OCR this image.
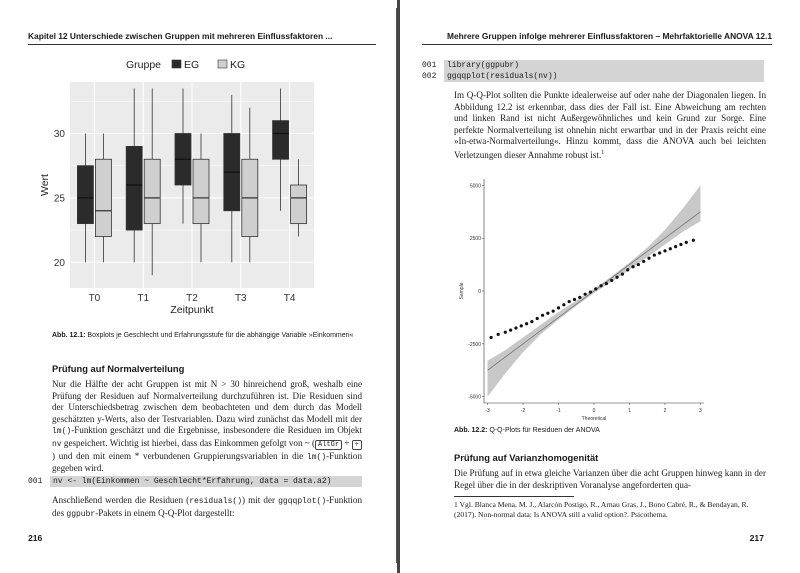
Kapitel 12 Unterschiede zwischen Gruppen mit mehreren Einflussfaktoren ...
20
25
30
T0	T1	T2	T3	T4
Zeitpunkt
Wert
Gruppe EG	KG
Abb. 12.1: Boxplots je Geschlecht und Erfahrungsstufe für die abhängige Variable »Einkommen«
Prüfung auf Normalverteilung
Nur die Hälfte der acht Gruppen ist mit N > 30 hinreichend groß, weshalb eine Prüfung der Residuen auf Normalverteilung durchzuführen ist. Die Residuen sind der Unterschiedsbetrag zwischen dem beobachteten und dem durch das Modell geschätzten y-Werts, also der Testvariablen. Dazu wird zunächst das Modell mit der lm()-Funktion geschätzt und die Ergebnisse, insbesondere die Residuen im Objekt nv gespeichert. Wichtig ist hierbei, dass das Einkommen gefolgt von ~ ( AltGr + +) und den mit einem * verbundenen Gruppierungsvariablen in die lm()-Funktion gegeben wird.
001	nv <- lm(Einkommen ~ Geschlecht*Erfahrung, data = data.a2)
Anschließend werden die Residuen (residuals()) mit der ggqqplot()-Funktion des ggpubr-Pakets in einem Q-Q-Plot dargestellt:
216
Mehrere Gruppen infolge mehrerer Einflussfaktoren – Mehrfaktorielle ANOVA 12.1
001	library(ggpubr)
002	ggqqplot(residuals(nv))
Im Q-Q-Plot sollten die Punkte idealerweise auf oder nahe der Diagonalen liegen. In Abbildung 12.2 ist erkennbar, dass dies der Fall ist. Eine Abweichung am rechten und linken Rand ist nicht Außergewöhnliches und kein Grund zur Sorge. Eine perfekte Normalverteilung ist ohnehin nicht erwartbar und in der Praxis reicht eine »In-etwa-Normalverteilung«. Hinzu kommt, dass die ANOVA auch bei leichten Verletzungen dieser Annahme robust ist.$^1$
-3	-2	-1	0	1	2	3
-5000
-2500
0
2500
5000
Theoretical
Sample
Abb. 12.2: Q-Q-Plots für Residuen der ANOVA
Prüfung auf Varianzhomogenität
Die Prüfung auf in etwa gleiche Varianzen über die acht Gruppen hinweg kann in der Regel über die in der deskriptiven Voranalyse angeforderten qua-
1 Vgl. Blanca Mena, M. J., Alarcón Postigo, R., Arnau Gras, J., Bono Cabré, R., & Bendayan, R. (2017). Non-normal data: Is ANOVA still a valid option?. Psicothema.
217
